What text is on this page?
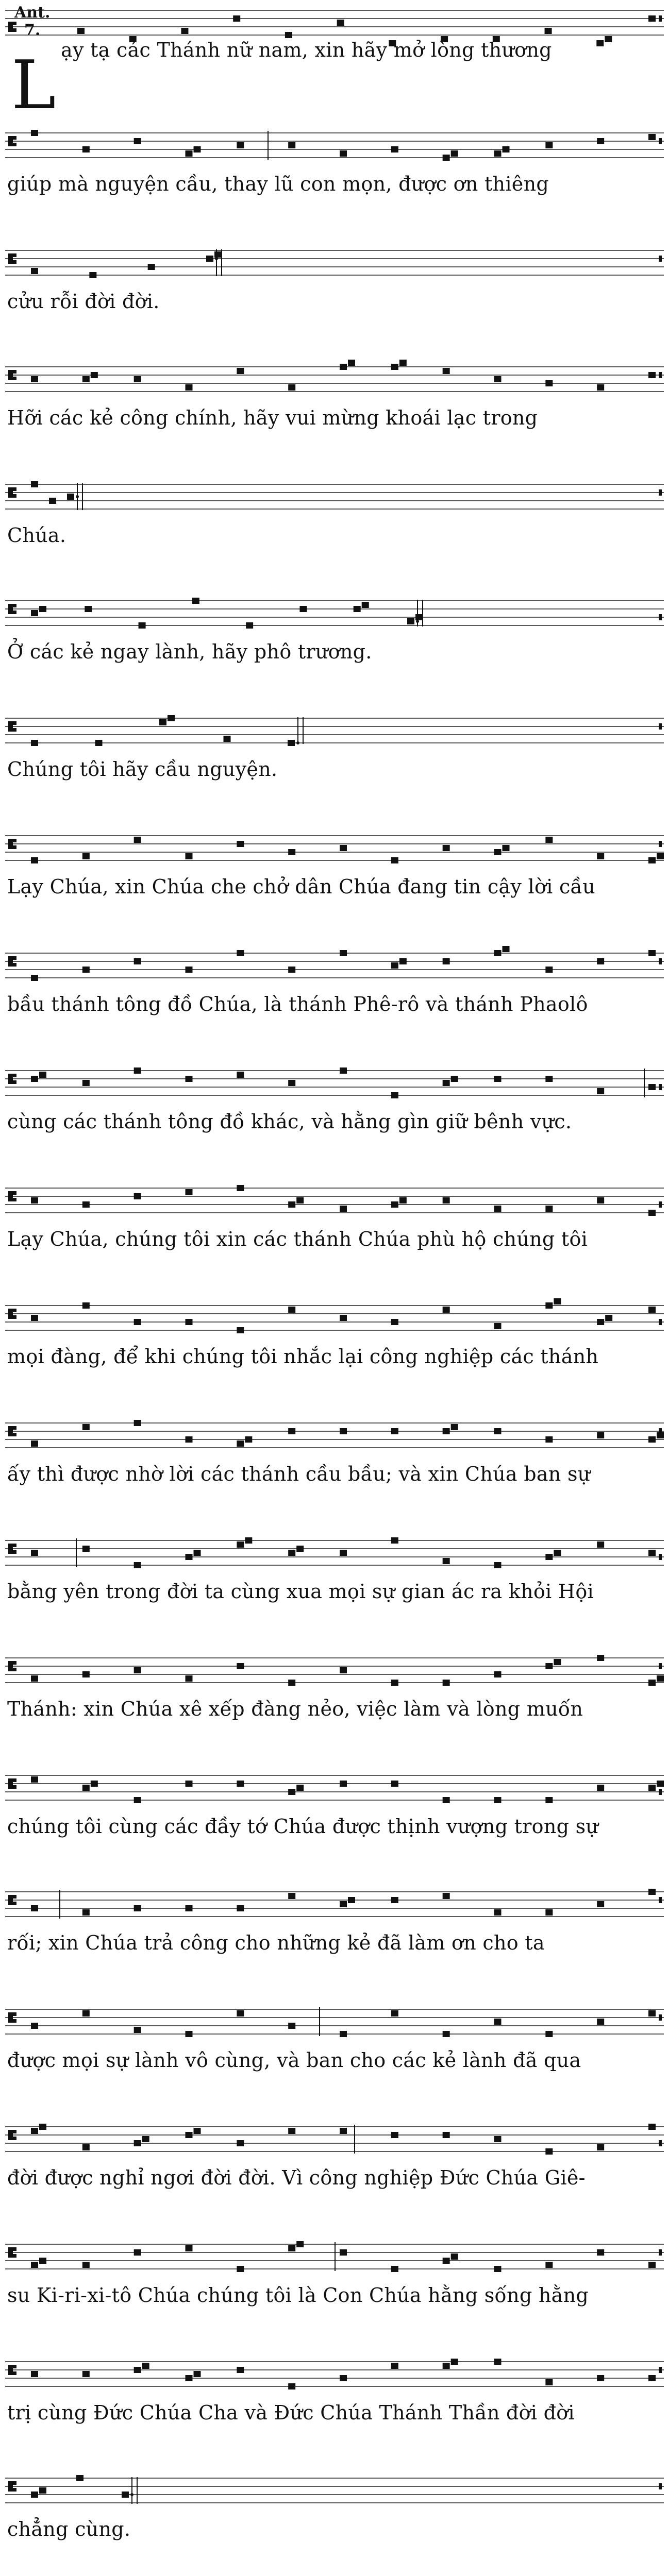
Ant.
7.
L ạy tạ các Thánh nữ nam, xin hãy mở lòng thương
giúp mà nguyện cầu, thay lũ con mọn, được ơn thiêng
cửu rỗi đời đời.
Hỡi các kẻ công chính, hãy vui mừng khoái lạc trong
Chúa.
Ở các kẻ ngay lành, hãy phô trương.
Chúng tôi hãy cầu nguyện.
Lạy Chúa, xin Chúa che chở dân Chúa đang tin cậy lời cầu
bầu thánh tông đồ Chúa, là thánh Phê-rô và thánh Phaolô
cùng các thánh tông đồ khác, và hằng gìn giữ bênh vực.
Lạy Chúa, chúng tôi xin các thánh Chúa phù hộ chúng tôi
mọi đàng, để khi chúng tôi nhắc lại công nghiệp các thánh
ấy thì được nhờ lời các thánh cầu bầu; và xin Chúa ban sự
bằng yên trong đời ta cùng xua mọi sự gian ác ra khỏi Hội
Thánh: xin Chúa xê xếp đàng nẻo, việc làm và lòng muốn
chúng tôi cùng các đầy tớ Chúa được thịnh vượng trong sự
rối; xin Chúa trả công cho những kẻ đã làm ơn cho ta
được mọi sự lành vô cùng, và ban cho các kẻ lành đã qua
đời được nghỉ ngơi đời đời. Vì công nghiệp Đức Chúa Giê-
su Ki-ri-xi-tô Chúa chúng tôi là Con Chúa hằng sống hằng
trị cùng Đức Chúa Cha và Đức Chúa Thánh Thần đời đời
chẳng cùng.
